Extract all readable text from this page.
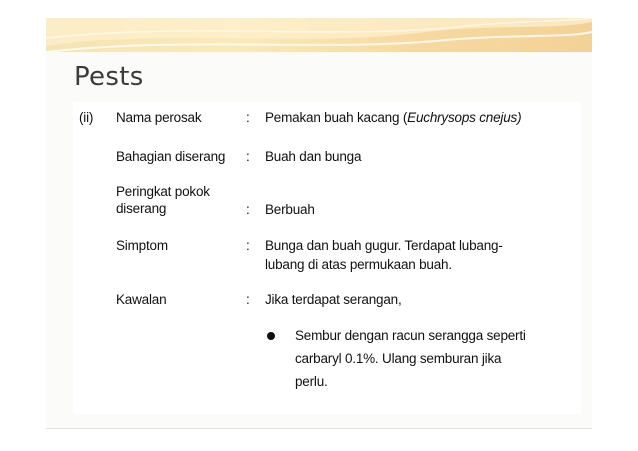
Pests
(ii) Nama perosak	: Pemakan buah kacang (Euchrysops cnejus)
Bahagian diserang : Buah dan bunga
Peringkat pokok
diserang	: Berbuah
Simptom	: Bunga dan buah gugur. Terdapat lubang-
lubang di atas permukaan buah.
Kawalan	: Jika terdapat serangan,
Sembur dengan racun serangga seperti
carbaryl 0.1%. Ulang semburan jika
perlu.
